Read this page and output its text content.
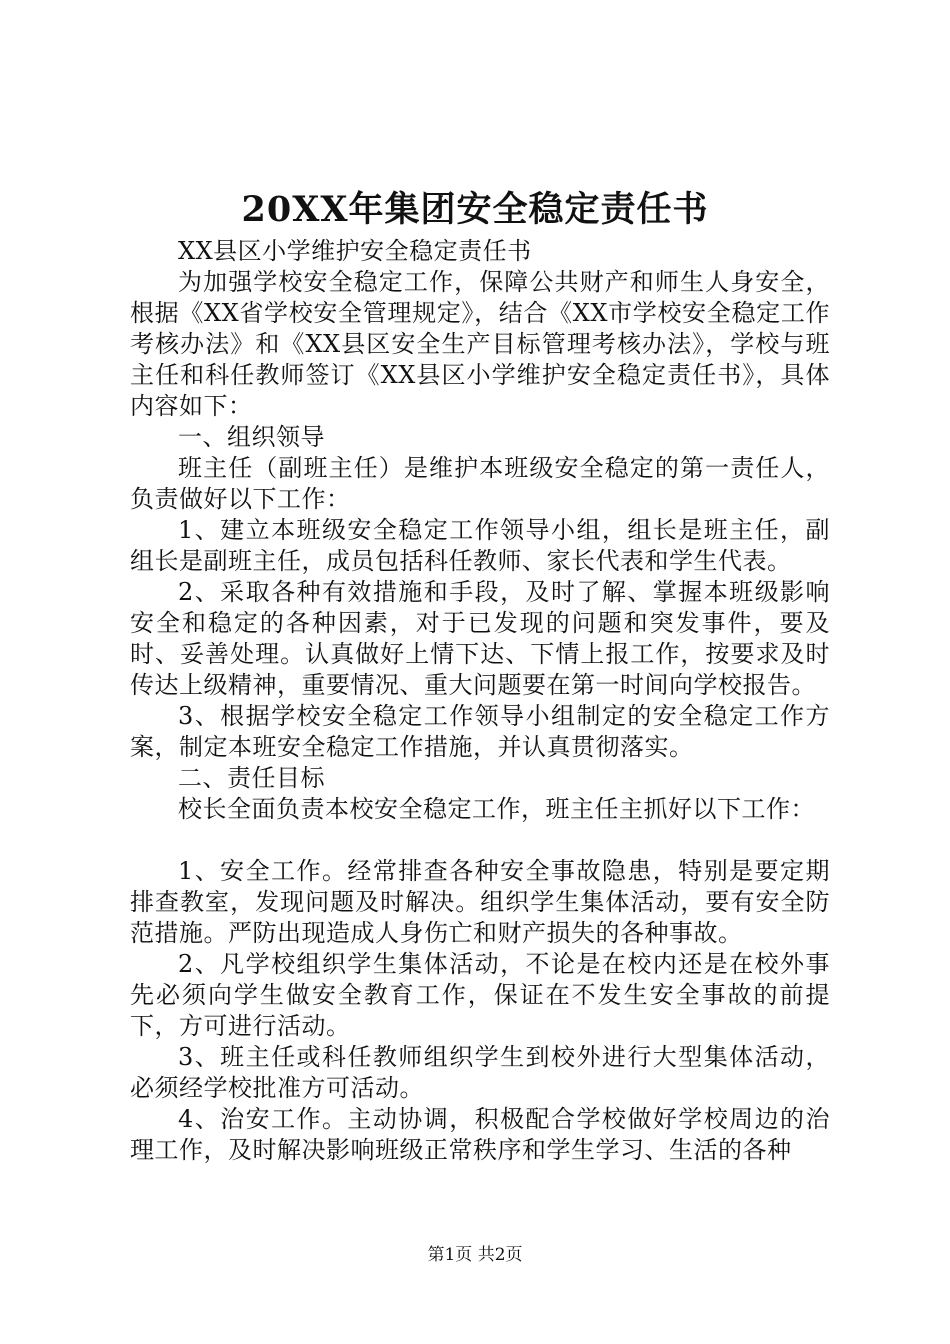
20XX年集团安全稳定责任书

XX县区小学维护安全稳定责任书

为加强学校安全稳定工作，保障公共财产和师生人身安全，根据《XX省学校安全管理规定》，结合《XX市学校安全稳定工作考核办法》和《XX县区安全生产目标管理考核办法》，学校与班主任和科任教师签订《XX县区小学维护安全稳定责任书》，具体内容如下：

一、组织领导

班主任（副班主任）是维护本班级安全稳定的第一责任人，负责做好以下工作：

1、建立本班级安全稳定工作领导小组，组长是班主任，副组长是副班主任，成员包括科任教师、家长代表和学生代表。

2、采取各种有效措施和手段，及时了解、掌握本班级影响安全和稳定的各种因素，对于已发现的问题和突发事件，要及时、妥善处理。认真做好上情下达、下情上报工作，按要求及时传达上级精神，重要情况、重大问题要在第一时间向学校报告。

3、根据学校安全稳定工作领导小组制定的安全稳定工作方案，制定本班安全稳定工作措施，并认真贯彻落实。

二、责任目标

校长全面负责本校安全稳定工作，班主任主抓好以下工作：

1、安全工作。经常排查各种安全事故隐患，特别是要定期排查教室，发现问题及时解决。组织学生集体活动，要有安全防范措施。严防出现造成人身伤亡和财产损失的各种事故。

2、凡学校组织学生集体活动，不论是在校内还是在校外事先必须向学生做安全教育工作，保证在不发生安全事故的前提下，方可进行活动。

3、班主任或科任教师组织学生到校外进行大型集体活动，必须经学校批准方可活动。

4、治安工作。主动协调，积极配合学校做好学校周边的治理工作，及时解决影响班级正常秩序和学生学习、生活的各种

第1页 共2页
